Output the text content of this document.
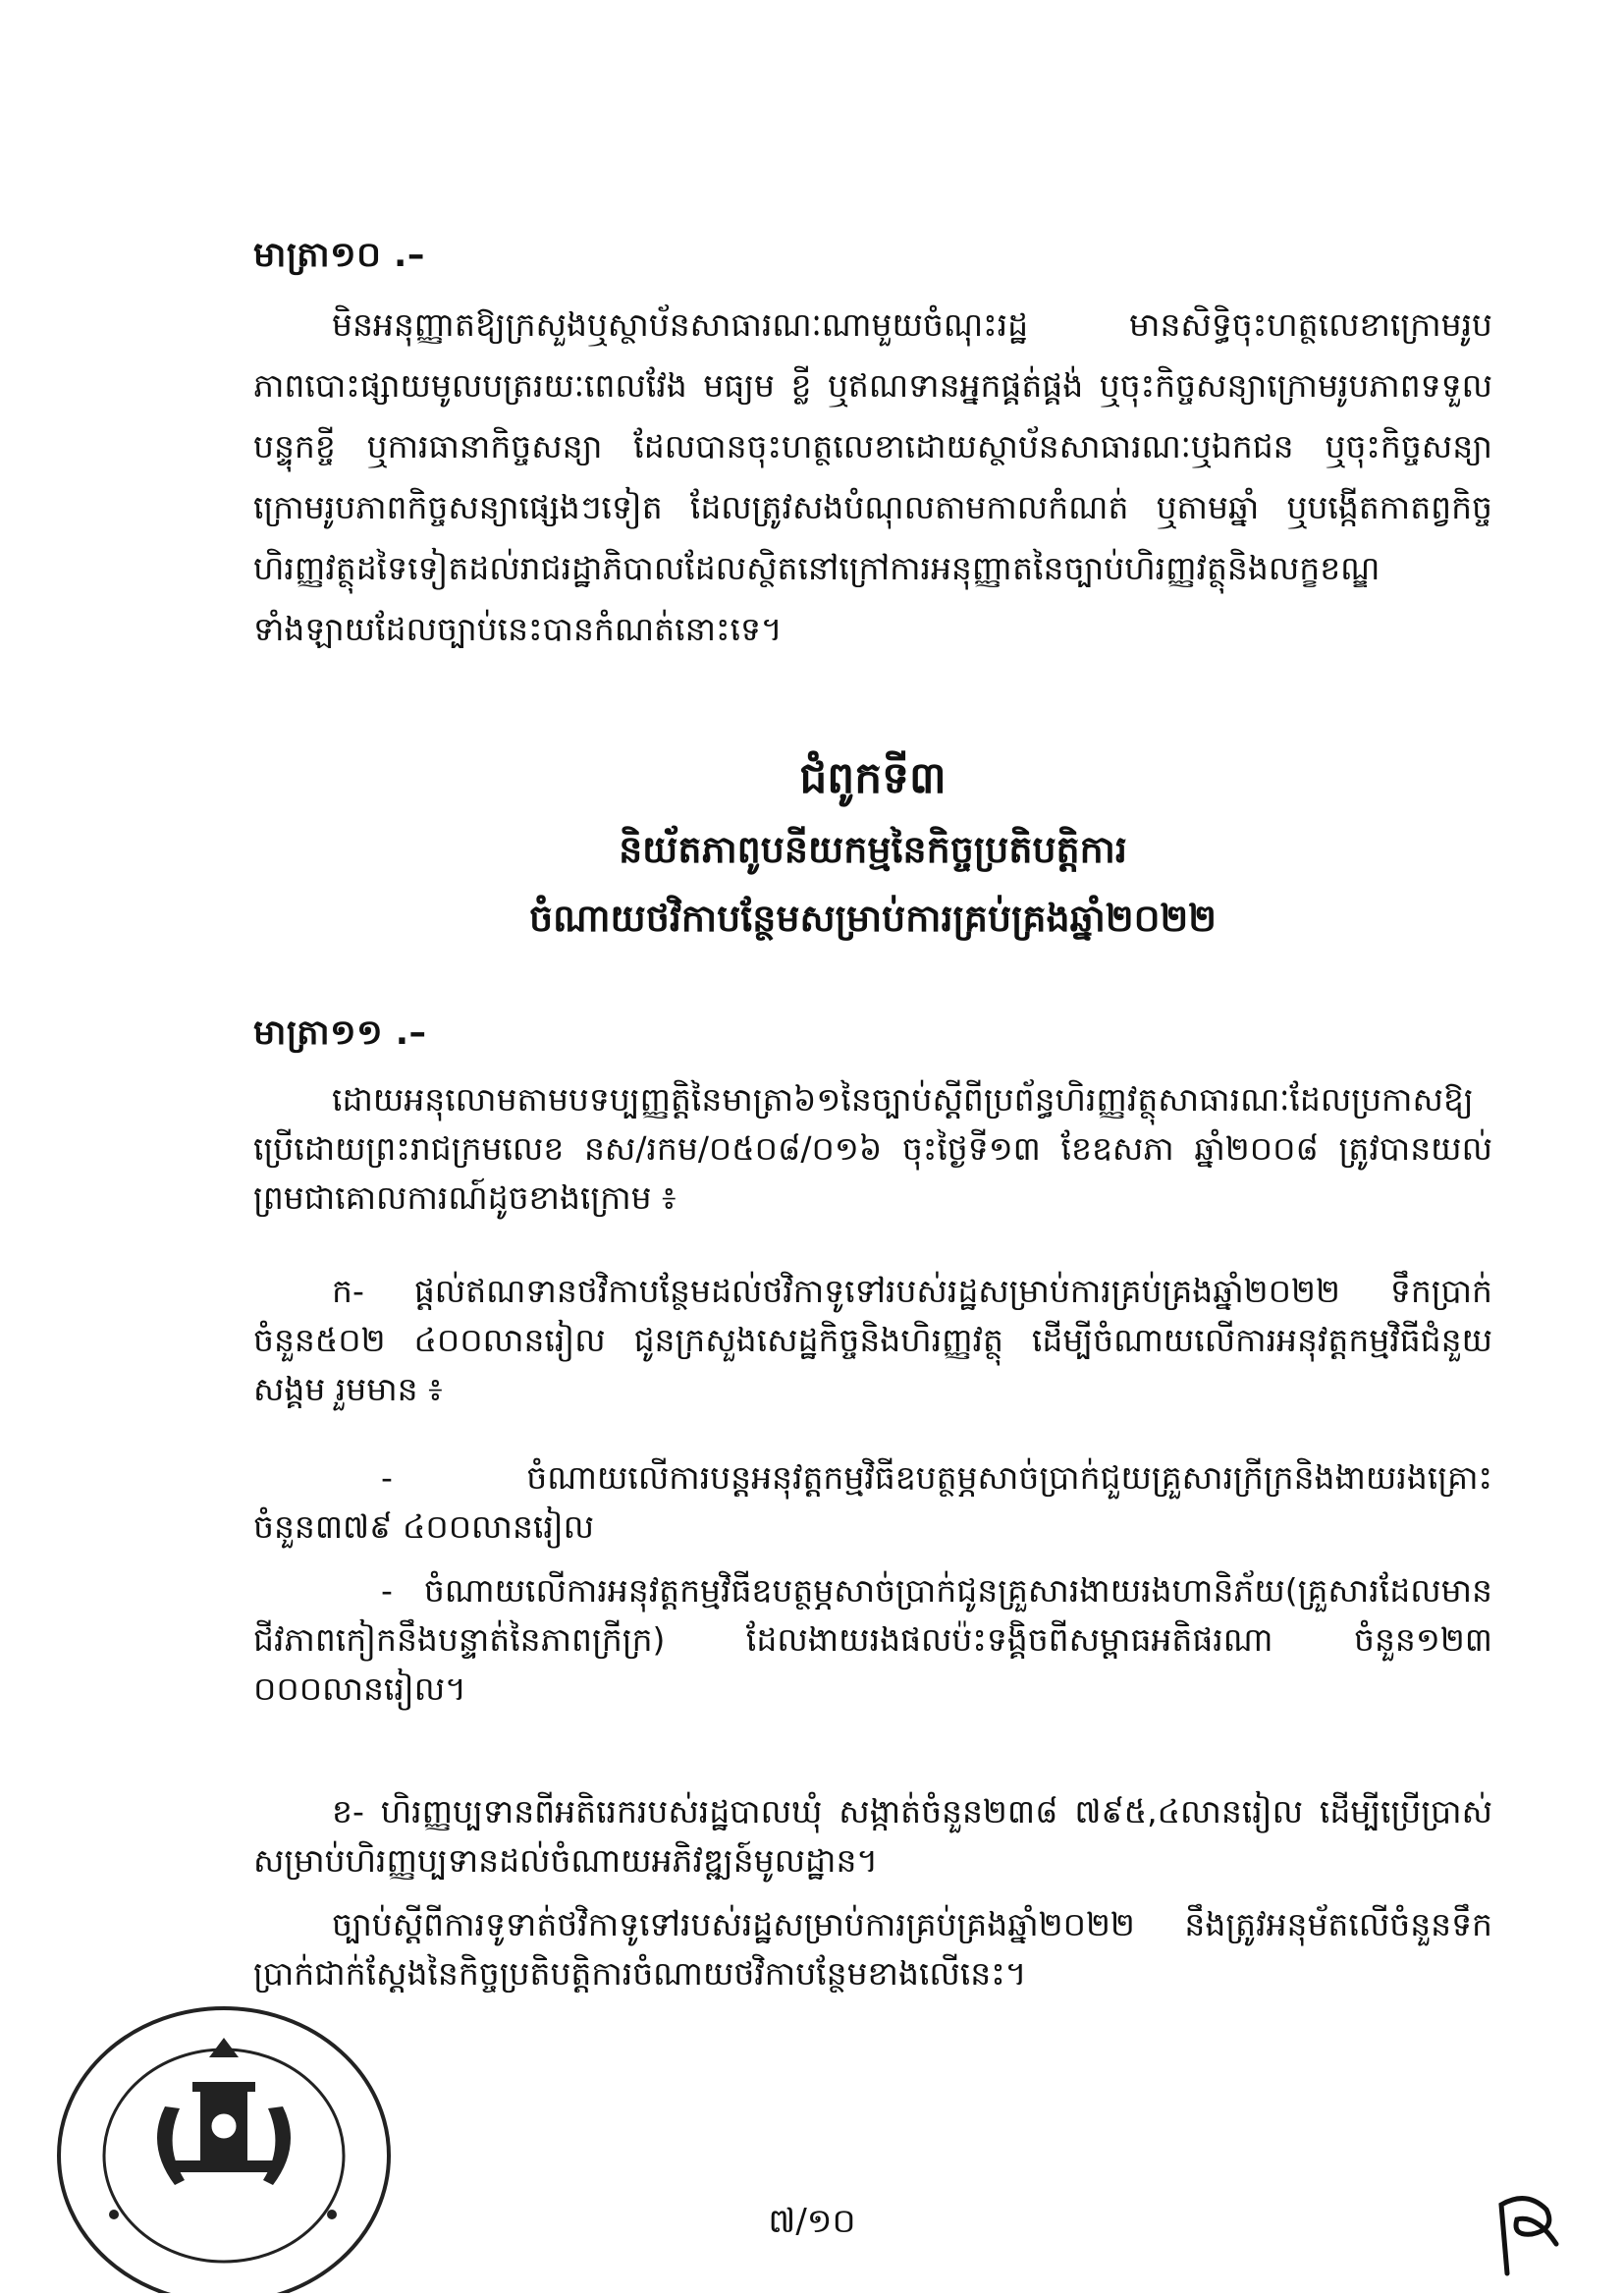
មាត្រា១០ .–
មិនអនុញ្ញាតឱ្យក្រសួងឬស្ថាប័នសាធារណៈណាមួយចំណុះរដ្ឋ មានសិទ្ធិចុះហត្ថលេខាក្រោមរូបភាពបោះផ្សាយមូលបត្ររយៈពេលវែង មធ្យម ខ្លី ឬឥណទានអ្នកផ្គត់ផ្គង់ ឬចុះកិច្ចសន្យាក្រោមរូបភាពទទួលបន្ទុកខ្ចី ឬការធានាកិច្ចសន្យា ដែលបានចុះហត្ថលេខាដោយស្ថាប័នសាធារណៈឬឯកជន ឬចុះកិច្ចសន្យាក្រោមរូបភាពកិច្ចសន្យាផ្សេងៗទៀត ដែលត្រូវសងបំណុលតាមកាលកំណត់ ឬតាមឆ្នាំ ឬបង្កើតកាតព្វកិច្ចហិរញ្ញវត្ថុដទៃទៀតដល់រាជរដ្ឋាភិបាលដែលស្ថិតនៅក្រៅការអនុញ្ញាតនៃច្បាប់ហិរញ្ញវត្ថុនិងលក្ខខណ្ឌទាំងឡាយដែលច្បាប់នេះបានកំណត់នោះទេ។
ជំពូកទី៣
និយ័តភាពូបនីយកម្មនៃកិច្ចប្រតិបត្តិការ
ចំណាយថវិកាបន្ថែមសម្រាប់ការគ្រប់គ្រងឆ្នាំ២០២២
មាត្រា១១ .–
ដោយអនុលោមតាមបទប្បញ្ញត្តិនៃមាត្រា៦១នៃច្បាប់ស្តីពីប្រព័ន្ធហិរញ្ញវត្ថុសាធារណៈដែលប្រកាសឱ្យប្រើដោយព្រះរាជក្រមលេខ នស/រកម/០៥០៨/០១៦ ចុះថ្ងៃទី១៣ ខែឧសភា ឆ្នាំ២០០៨ ត្រូវបានយល់ព្រមជាគោលការណ៍ដូចខាងក្រោម ៖
ក- ផ្តល់ឥណទានថវិកាបន្ថែមដល់ថវិកាទូទៅរបស់រដ្ឋសម្រាប់ការគ្រប់គ្រងឆ្នាំ២០២២ ទឹកប្រាក់ចំនួន៥០២ ៤០០លានរៀល ជូនក្រសួងសេដ្ឋកិច្ចនិងហិរញ្ញវត្ថុ ដើម្បីចំណាយលើការអនុវត្តកម្មវិធីជំនួយសង្គម រួមមាន ៖
- ចំណាយលើការបន្តអនុវត្តកម្មវិធីឧបត្ថម្ភសាច់ប្រាក់ជួយគ្រួសារក្រីក្រនិងងាយរងគ្រោះ ចំនួន៣៧៩ ៤០០លានរៀល
- ចំណាយលើការអនុវត្តកម្មវិធីឧបត្ថម្ភសាច់ប្រាក់ជូនគ្រួសារងាយរងហានិភ័យ(គ្រួសារដែលមានជីវភាពកៀកនឹងបន្ទាត់នៃភាពក្រីក្រ) ដែលងាយរងផលប៉ះទង្គិចពីសម្ពាធអតិផរណា ចំនួន១២៣ ០០០លានរៀល។
ខ- ហិរញ្ញប្បទានពីអតិរេករបស់រដ្ឋបាលឃុំ សង្កាត់ចំនួន២៣៨ ៧៩៥,៤លានរៀល ដើម្បីប្រើប្រាស់សម្រាប់ហិរញ្ញប្បទានដល់ចំណាយអភិវឌ្ឍន៍មូលដ្ឋាន។
ច្បាប់ស្តីពីការទូទាត់ថវិកាទូទៅរបស់រដ្ឋសម្រាប់ការគ្រប់គ្រងឆ្នាំ២០២២ នឹងត្រូវអនុម័តលើចំនួនទឹកប្រាក់ជាក់ស្តែងនៃកិច្ចប្រតិបត្តិការចំណាយថវិកាបន្ថែមខាងលើនេះ។
៧/១០
